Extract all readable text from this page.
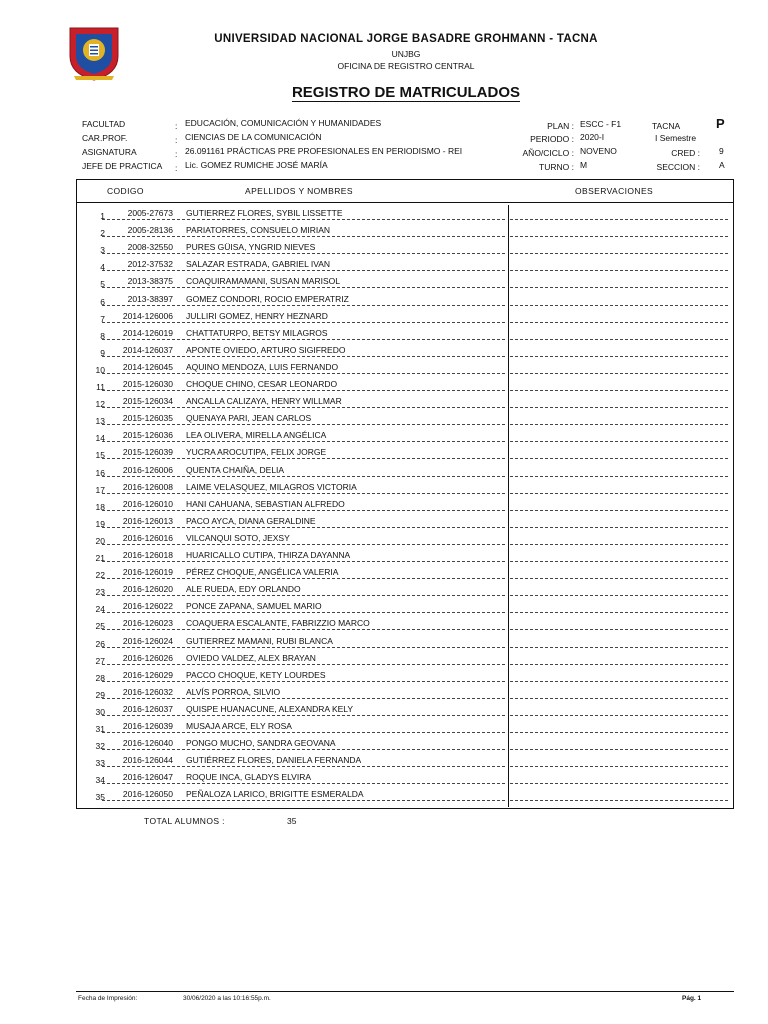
UNIVERSIDAD NACIONAL JORGE BASADRE GROHMANN - TACNA
UNJBG
OFICINA DE REGISTRO CENTRAL
REGISTRO DE MATRICULADOS
FACULTAD	: EDUCACIÓN, COMUNICACIÓN Y HUMANIDADES
CAR.PROF.	: CIENCIAS DE LA COMUNICACIÓN
ASIGNATURA	: 26.091161 PRÁCTICAS PRE PROFESIONALES EN PERIODISMO - REI
JEFE DE PRACTICA : Lic. GOMEZ RUMICHE JOSÉ MARÍA
PLAN : ESCC - F1
PERIODO : 2020-I
AÑO/CICLO : NOVENO
TURNO : M
TACNA	P
I Semestre
CRED : 9
SECCION : A
CODIGO	APELLIDOS Y NOMBRES	OBSERVACIONES
1	2005-27673 GUTIERREZ FLORES, SYBIL LISSETTE
2	2005-28136 PARIATORRES, CONSUELO MIRIAN
3	2008-32550 PURES GÜISA, YNGRID NIEVES
4	2012-37532 SALAZAR ESTRADA, GABRIEL IVAN
5	2013-38375 COAQUIRAMAMANI, SUSAN MARISOL
6	2013-38397 GOMEZ CONDORI, ROCIO EMPERATRIZ
7	2014-126006 JULLIRI GOMEZ, HENRY HEZNARD
8	2014-126019 CHATTATURPO, BETSY MILAGROS
9	2014-126037 APONTE OVIEDO, ARTURO SIGIFREDO
10	2014-126045 AQUINO MENDOZA, LUIS FERNANDO
11	2015-126030 CHOQUE CHINO, CESAR LEONARDO
12	2015-126034 ANCALLA CALIZAYA, HENRY WILLMAR
13	2015-126035 QUENAYA PARI, JEAN CARLOS
14	2015-126036 LEA OLIVERA, MIRELLA ANGÉLICA
15	2015-126039 YUCRA AROCUTIPA, FELIX JORGE
16	2016-126006 QUENTA CHAIÑA, DELIA
17	2016-126008 LAIME VELASQUEZ, MILAGROS VICTORIA
18	2016-126010 HANI CAHUANA, SEBASTIAN ALFREDO
19	2016-126013 PACO AYCA, DIANA GERALDINE
20	2016-126016 VILCANQUI SOTO, JEXSY
21	2016-126018 HUARICALLO CUTIPA, THIRZA DAYANNA
22	2016-126019 PÉREZ CHOQUE, ANGÉLICA VALERIA
23	2016-126020 ALE RUEDA, EDY ORLANDO
24	2016-126022 PONCE ZAPANA, SAMUEL MARIO
25	2016-126023 COAQUERA ESCALANTE, FABRIZZIO MARCO
26	2016-126024 GUTIERREZ MAMANI, RUBI BLANCA
27	2016-126026 OVIEDO VALDEZ, ALEX BRAYAN
28	2016-126029 PACCO CHOQUE, KETY LOURDES
29	2016-126032 ALVÍS PORROA, SILVIO
30	2016-126037 QUISPE HUANACUNE, ALEXANDRA KELY
31	2016-126039 MUSAJA ARCE, ELY ROSA
32	2016-126040 PONGO MUCHO, SANDRA GEOVANA
33	2016-126044 GUTIÉRREZ FLORES, DANIELA FERNANDA
34	2016-126047 ROQUE INCA, GLADYS ELVIRA
35	2016-126050 PEÑALOZA LARICO, BRIGITTE ESMERALDA
TOTAL ALUMNOS :	35
Fecha de Impresión:	30/06/2020 a las 10:16:55p.m.	Pág. 1
